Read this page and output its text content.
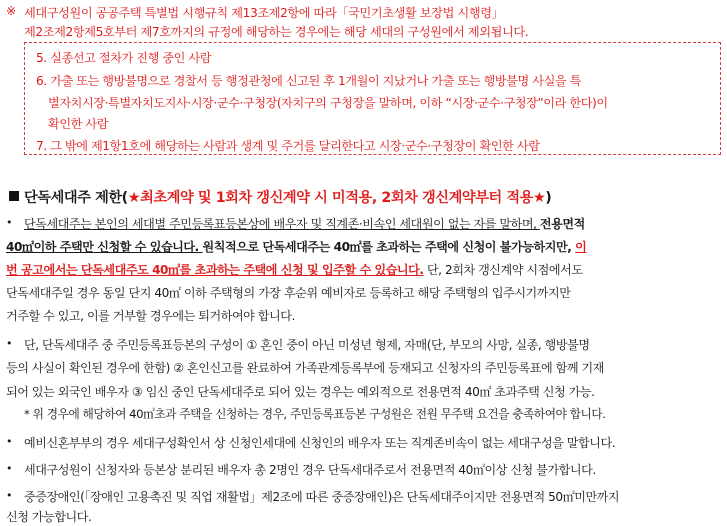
※ 세대구성원이 공공주택 특별법 시행규칙 제13조제2항에 따라「국민기초생활 보장법 시행령」
제2조제2항제5호부터 제7호까지의 규정에 해당하는 경우에는 해당 세대의 구성원에서 제외됩니다.
5. 실종선고 절차가 진행 중인 사람
6. 가출 또는 행방불명으로 경찰서 등 행정관청에 신고된 후 1개월이 지났거나 가출 또는 행방불명 사실을 특
별자치시장·특별자치도지사·시장·군수·구청장(자치구의 구청장을 말하며, 이하 “시장·군수·구청장”이라 한다)이
확인한 사람
7. 그 밖에 제1항1호에 해당하는 사람과 생계 및 주거를 달리한다고 시장·군수·구청장이 확인한 사람
단독세대주 제한(★최초계약 및 1회차 갱신계약 시 미적용, 2회차 갱신계약부터 적용★)
• 단독세대주는 본인의 세대별 주민등록표등본상에 배우자 및 직계존·비속인 세대원이 없는 자를 말하며, 전용면적
40㎡이하 주택만 신청할 수 있습니다. 원칙적으로 단독세대주는 40㎡를 초과하는 주택에 신청이 불가능하지만, 이
번 공고에서는 단독세대주도 40㎡를 초과하는 주택에 신청 및 입주할 수 있습니다. 단, 2회차 갱신계약 시점에서도
단독세대주일 경우 동일 단지 40㎡ 이하 주택형의 가장 후순위 예비자로 등록하고 해당 주택형의 입주시기까지만
거주할 수 있고, 이를 거부할 경우에는 퇴거하여야 합니다.
• 단, 단독세대주 중 주민등록표등본의 구성이 ① 혼인 중이 아닌 미성년 형제, 자매(단, 부모의 사망, 실종, 행방불명
등의 사실이 확인된 경우에 한함) ② 혼인신고를 완료하여 가족관계등록부에 등재되고 신청자의 주민등록표에 함께 기재
되어 있는 외국인 배우자 ③ 임신 중인 단독세대주로 되어 있는 경우는 예외적으로 전용면적 40㎡ 초과주택 신청 가능.
* 위 경우에 해당하여 40㎡초과 주택을 신청하는 경우, 주민등록표등본 구성원은 전원 무주택 요건을 충족하여야 합니다.
• 예비신혼부부의 경우 세대구성확인서 상 신청인세대에 신청인의 배우자 또는 직계존비속이 없는 세대구성을 말합니다.
• 세대구성원이 신청자와 등본상 분리된 배우자 총 2명인 경우 단독세대주로서 전용면적 40㎡이상 신청 불가합니다.
• 중증장애인(「장애인 고용촉진 및 직업 재활법」제2조에 따른 중증장애인)은 단독세대주이지만 전용면적 50㎡미만까지
신청 가능합니다.
